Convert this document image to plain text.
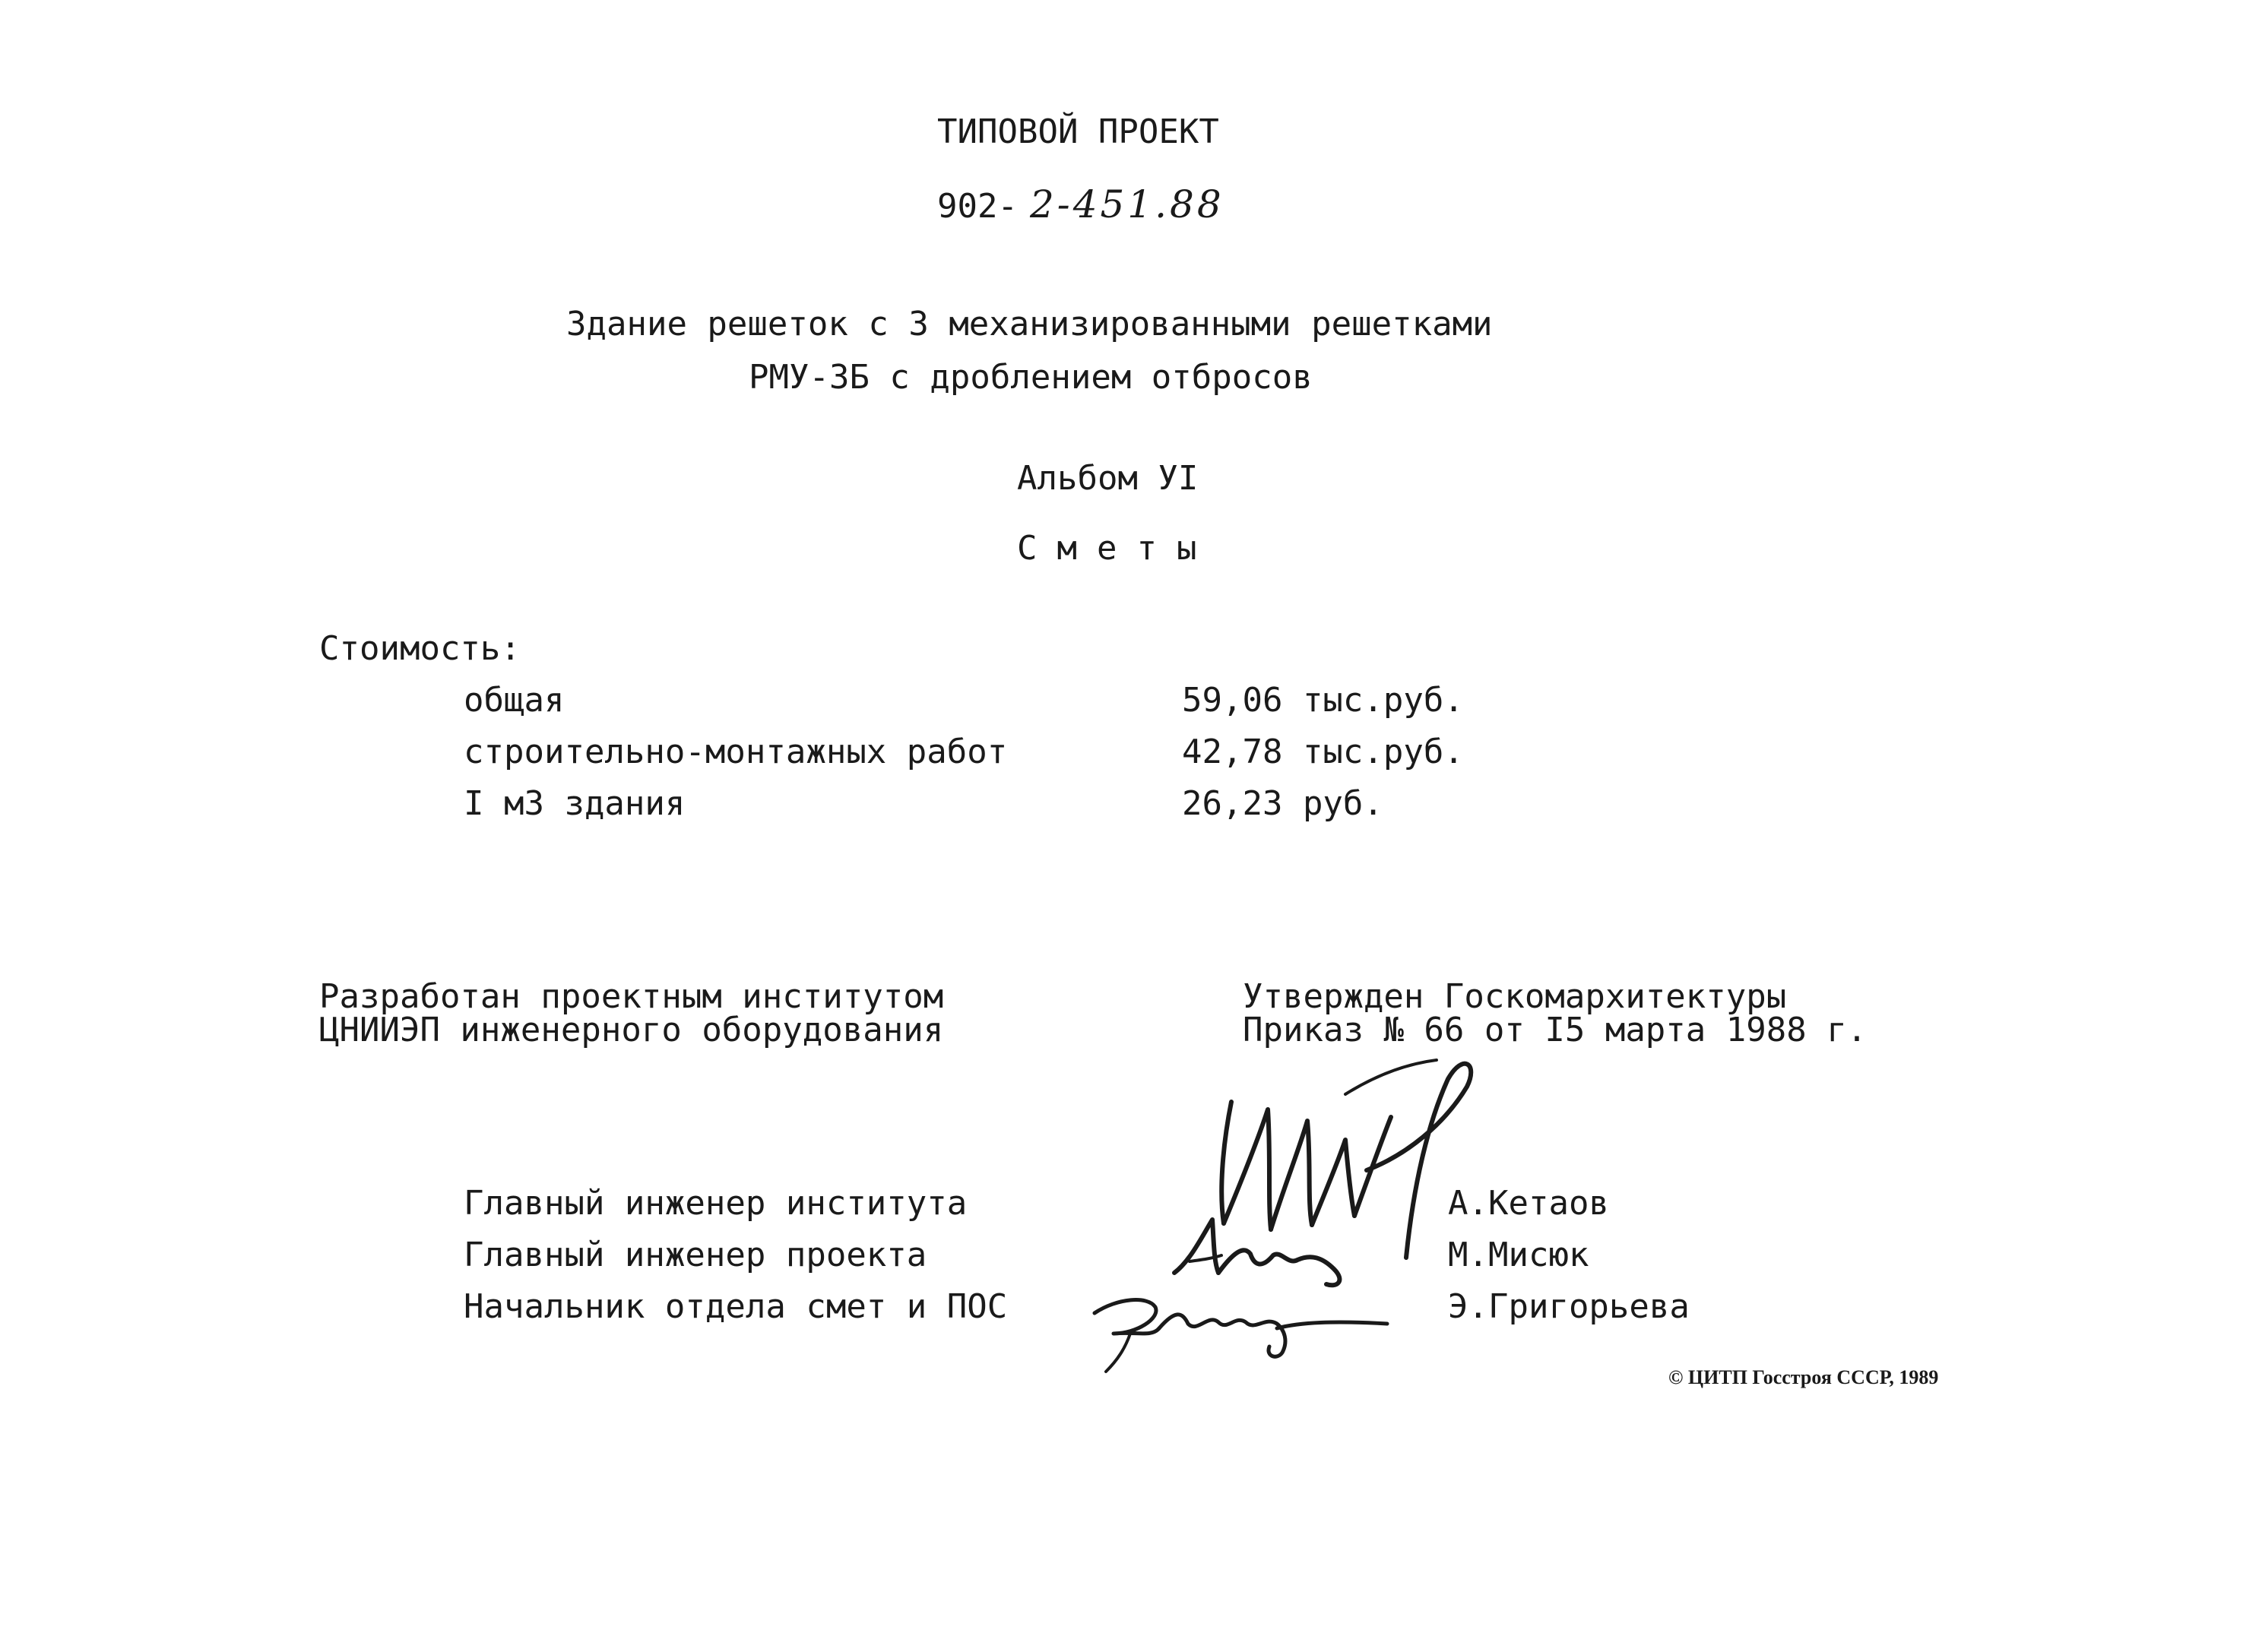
ТИПОВОЙ ПРОЕКТ
902- 2-451.88
Здание решеток с 3 механизированными решетками
РМУ-3Б с дроблением отбросов
Альбом УI
Сметы
Стоимость:
общая	59,06 тыс.руб.
строительно-монтажных работ	42,78 тыс.руб.
I м3 здания	26,23 руб.
Разработан проектным институтом
ЦНИИЭП инженерного оборудования
Утвержден Госкомархитектуры
Приказ № 66 от I5 марта 1988 г.
Главный инженер института	А.Кетаов
Главный инженер проекта	М.Мисюк
Начальник отдела смет и ПОС	Э.Григорьева
© ЦИТП Госстроя СССР, 1989
